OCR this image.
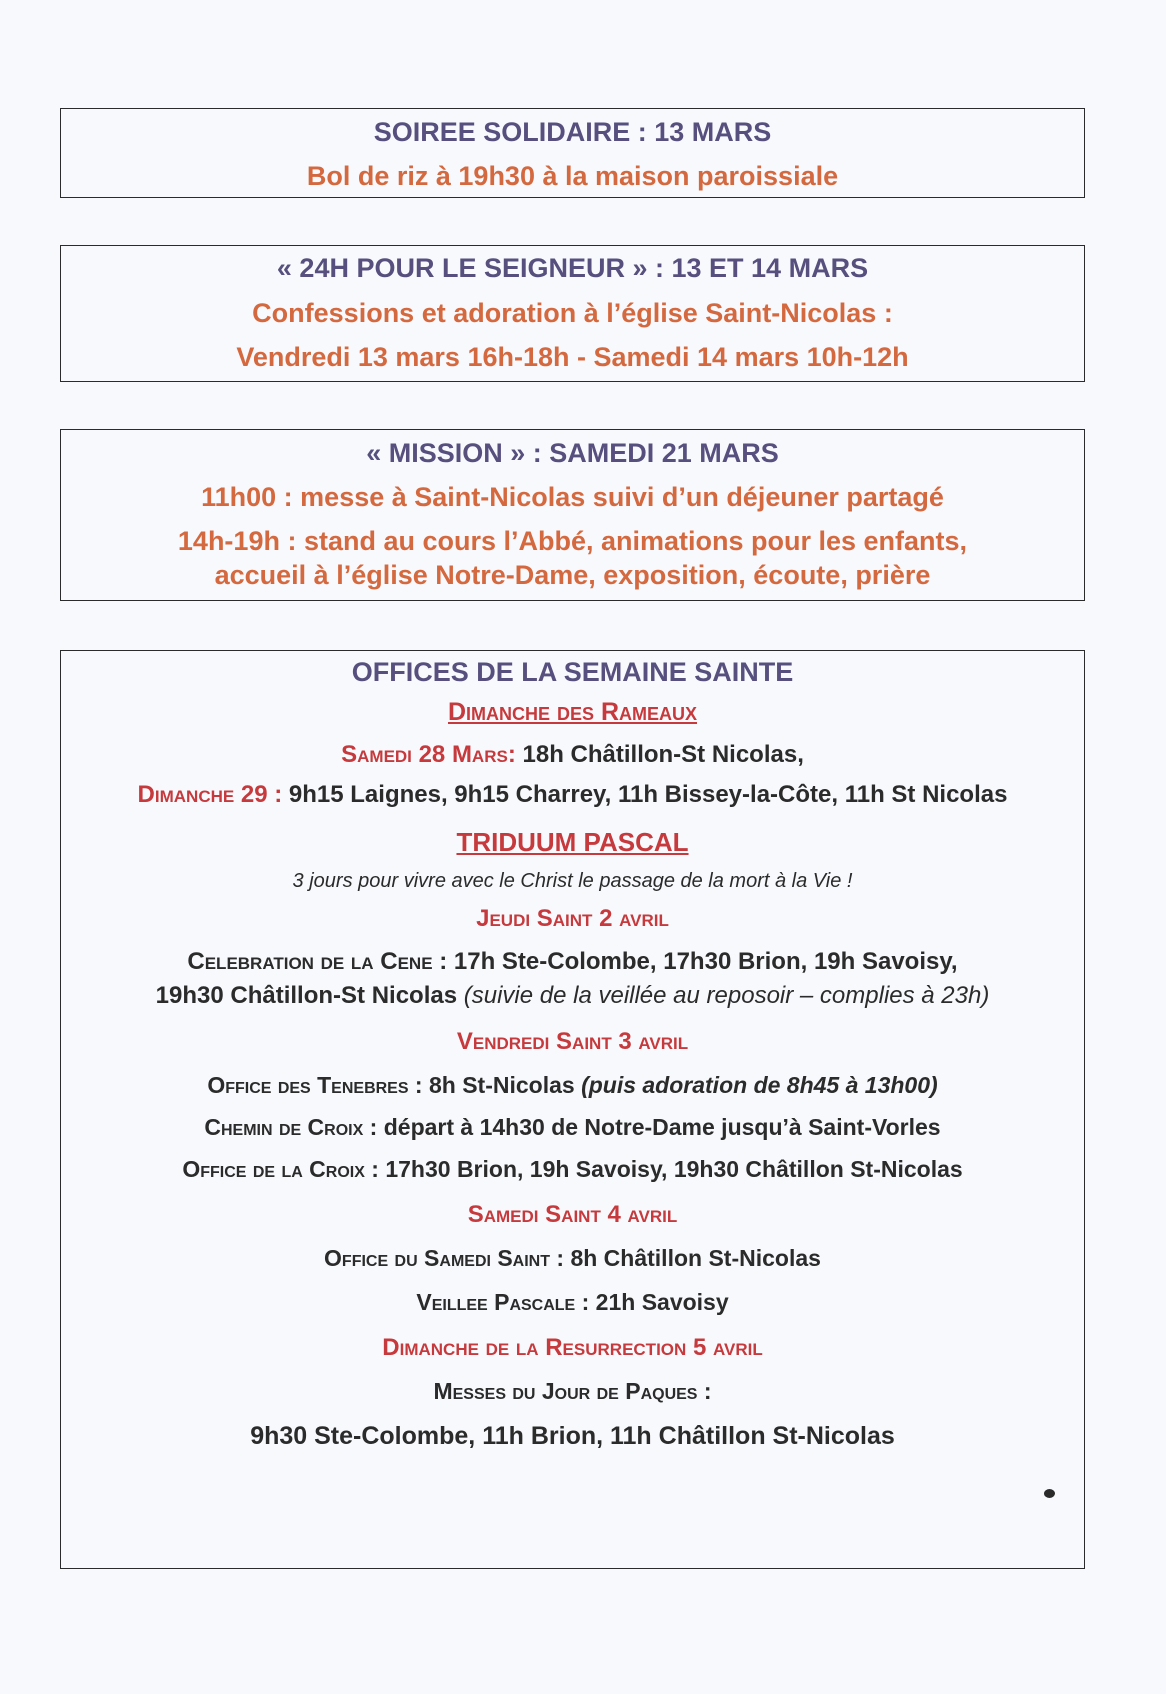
SOIREE SOLIDAIRE : 13 MARS
Bol de riz à 19h30 à la maison paroissiale
« 24H POUR LE SEIGNEUR » : 13 ET 14 MARS
Confessions et adoration à l’église Saint-Nicolas :
Vendredi 13 mars 16h-18h - Samedi 14 mars 10h-12h
« MISSION » : SAMEDI 21 MARS
11h00 : messe à Saint-Nicolas suivi d’un déjeuner partagé
14h-19h : stand au cours l’Abbé, animations pour les enfants,
accueil à l’église Notre-Dame, exposition, écoute, prière
OFFICES DE LA SEMAINE SAINTE
Dimanche des Rameaux
Samedi 28 Mars: 18h Châtillon-St Nicolas,
Dimanche 29 : 9h15 Laignes, 9h15 Charrey, 11h Bissey-la-Côte, 11h St Nicolas
TRIDUUM PASCAL
3 jours pour vivre avec le Christ le passage de la mort à la Vie !
Jeudi Saint 2 avril
Celebration de la Cene : 17h Ste-Colombe, 17h30 Brion, 19h Savoisy,
19h30 Châtillon-St Nicolas (suivie de la veillée au reposoir – complies à 23h)
Vendredi Saint 3 avril
Office des Tenebres : 8h St-Nicolas (puis adoration de 8h45 à 13h00)
Chemin de Croix : départ à 14h30 de Notre-Dame jusqu’à Saint-Vorles
Office de la Croix : 17h30 Brion, 19h Savoisy, 19h30 Châtillon St-Nicolas
Samedi Saint 4 avril
Office du Samedi Saint : 8h Châtillon St-Nicolas
Veillee Pascale : 21h Savoisy
Dimanche de la Resurrection 5 avril
Messes du Jour de Paques :
9h30 Ste-Colombe, 11h Brion, 11h Châtillon St-Nicolas
